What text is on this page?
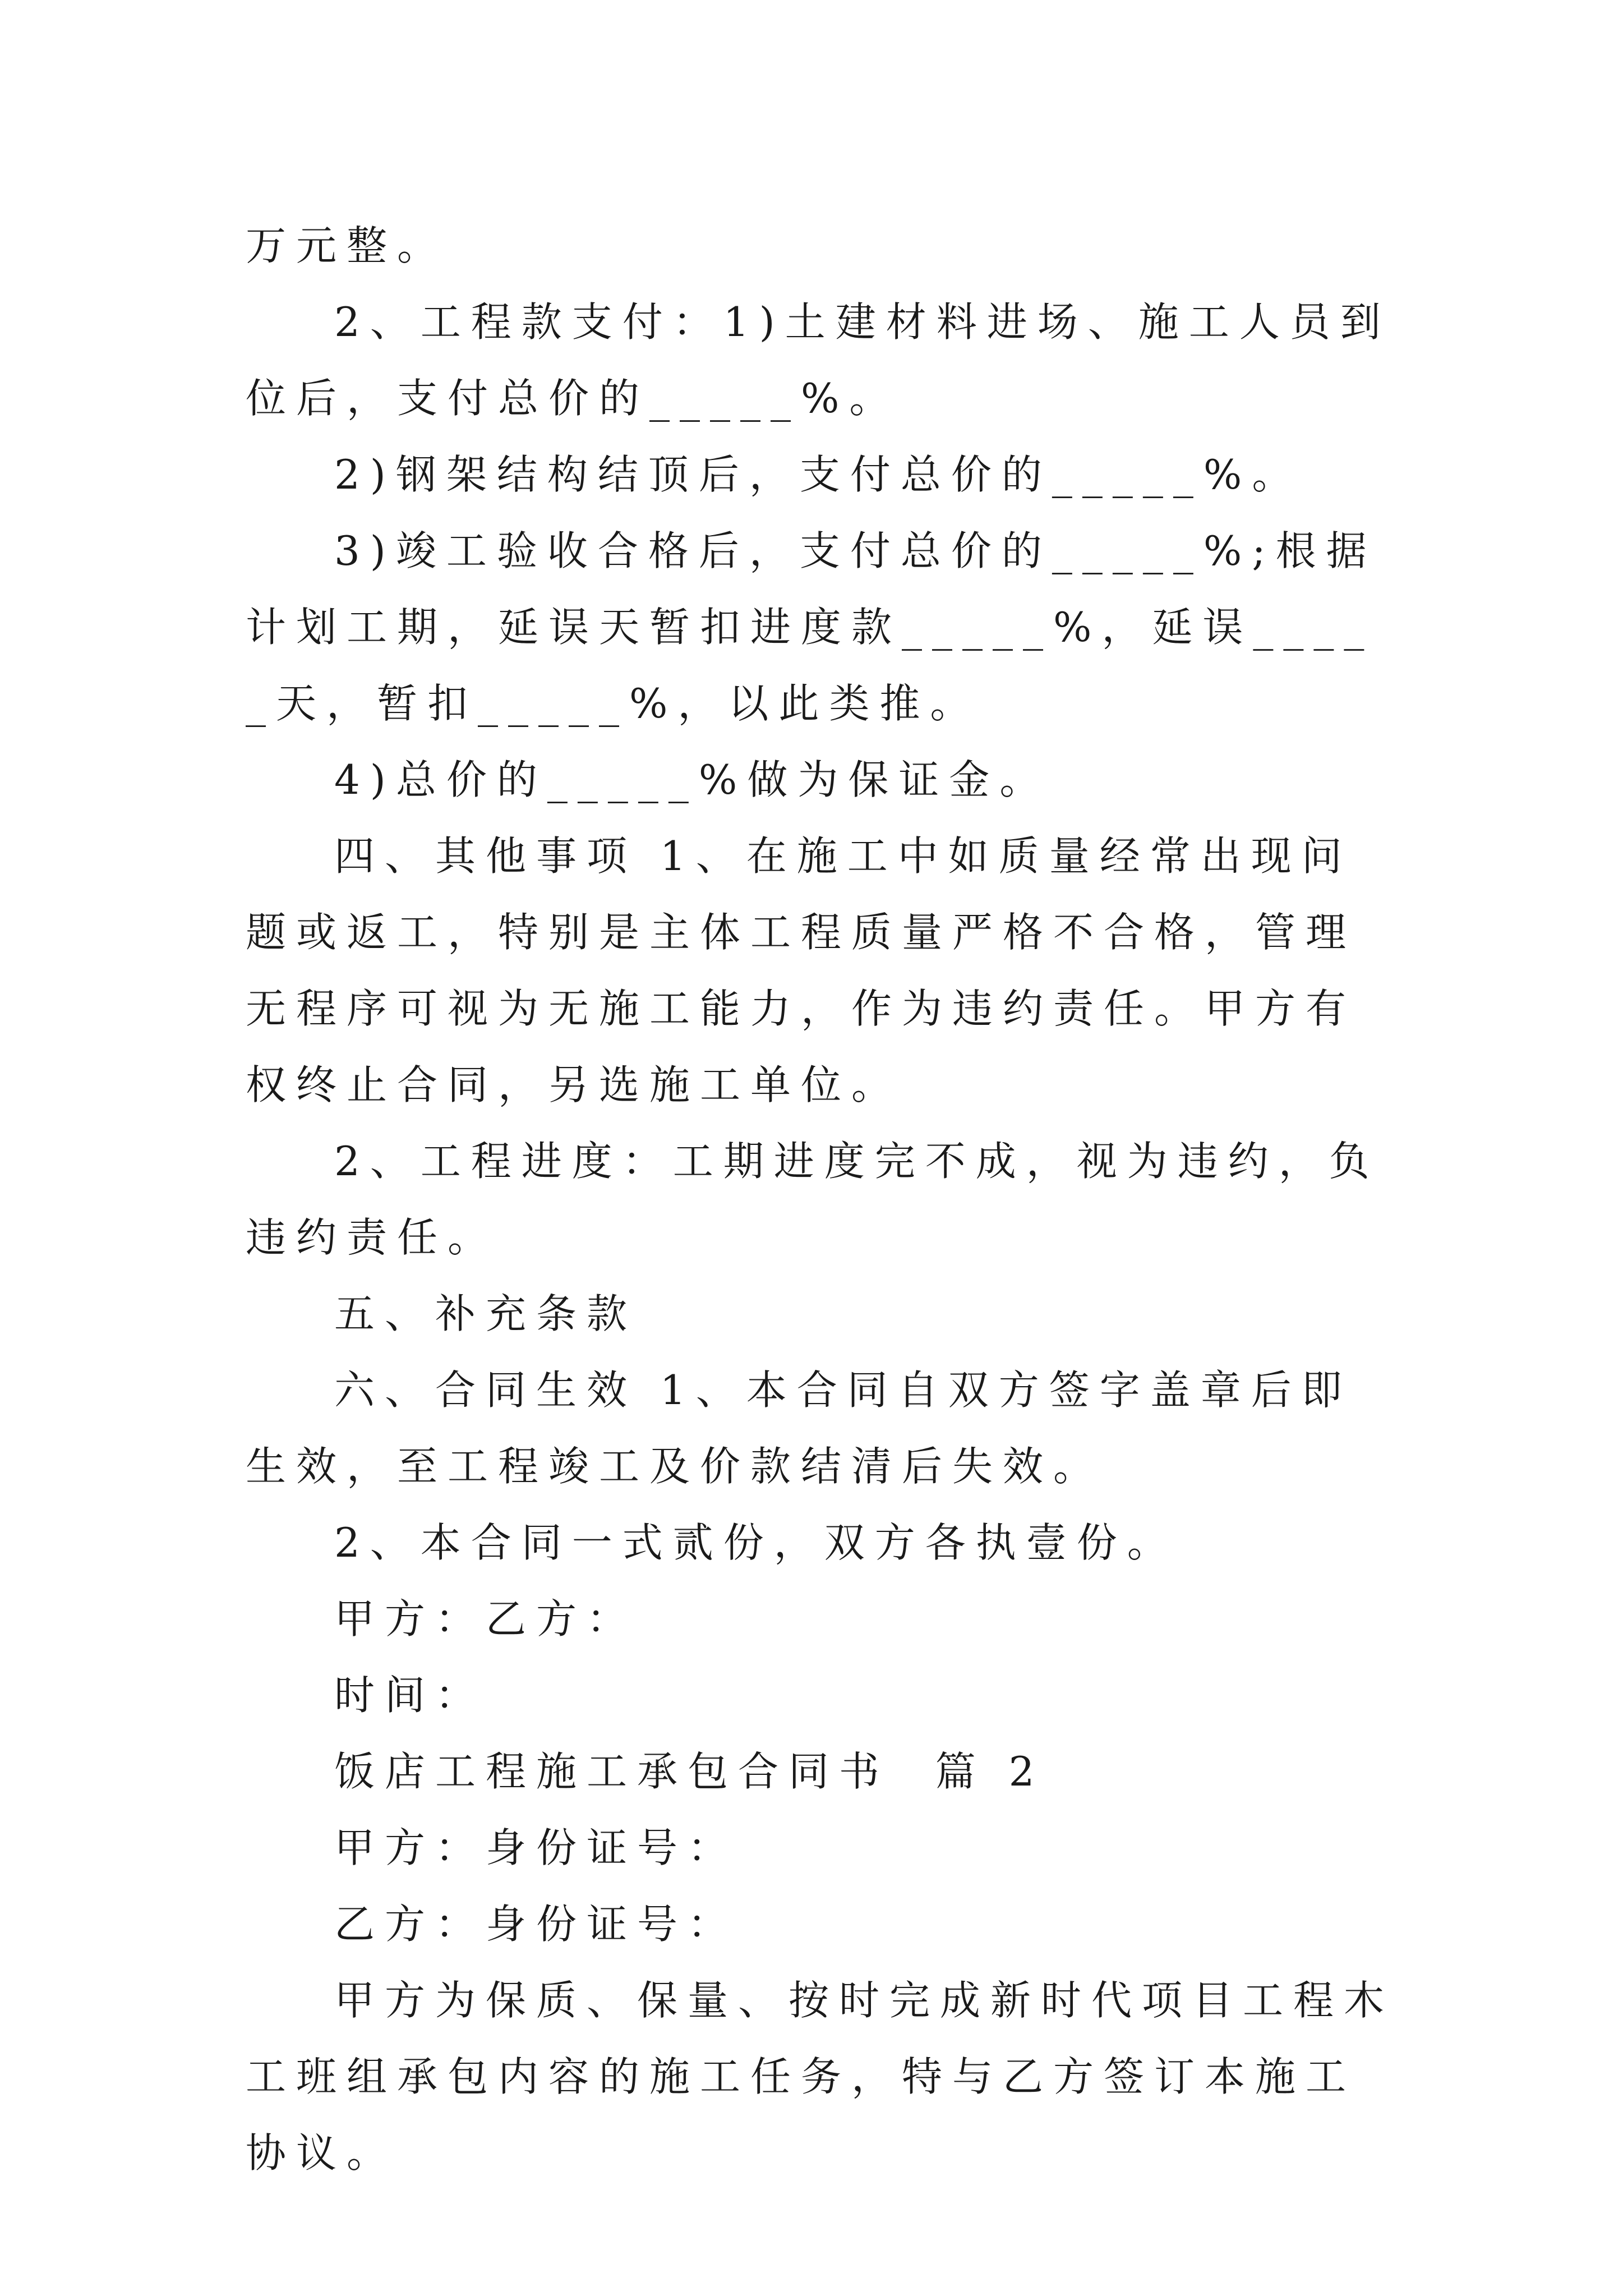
万元整。

2、工程款支付：1)土建材料进场、施工人员到位后，支付总价的_____%。

2)钢架结构结顶后，支付总价的_____%。

3)竣工验收合格后，支付总价的_____%;根据计划工期，延误天暂扣进度款_____%，延误_____天，暂扣_____%，以此类推。

4)总价的_____%做为保证金。

四、其他事项 1、在施工中如质量经常出现问题或返工，特别是主体工程质量严格不合格，管理无程序可视为无施工能力，作为违约责任。甲方有权终止合同，另选施工单位。

2、工程进度：工期进度完不成，视为违约，负违约责任。

五、补充条款

六、合同生效 1、本合同自双方签字盖章后即生效，至工程竣工及价款结清后失效。

2、本合同一式贰份，双方各执壹份。

甲方：乙方：

时间：

饭店工程施工承包合同书  篇 2

甲方：身份证号：

乙方：身份证号：

甲方为保质、保量、按时完成新时代项目工程木工班组承包内容的施工任务，特与乙方签订本施工协议。
